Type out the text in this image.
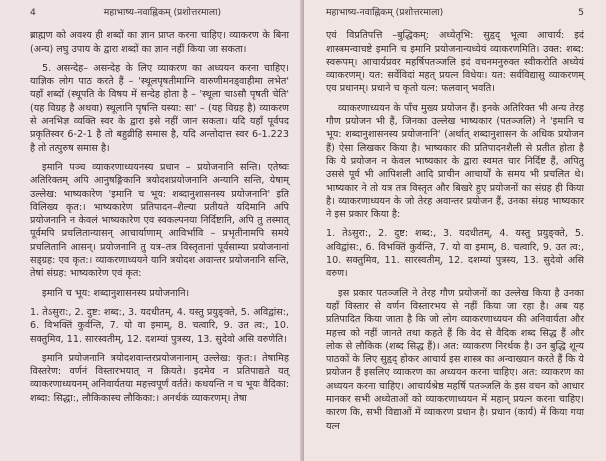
4	महाभाष्य-नवाह्निकम् (प्रशोत्तरमाला)

ब्राह्मण को अवश्य ही शब्दों का ज्ञान प्राप्त करना चाहिए। व्याकरण के बिना (अन्य) लघु उपाय के द्वारा शब्दों का ज्ञान नहीं किया जा सकता।

5. असन्देह– असन्देह के लिए व्याकरण का अध्ययन करना चाहिए। याज्ञिक लोग पाठ करते हैं – 'स्थूलपृषतीमाग्नि वारुणीमनड्वाहीमा लभेत' यहाँ शब्दों (स्थूपति के विषय में सन्देह होता है – 'स्थूला चाऽसौ पृषती चेति' (यह विग्रह है अथवा) स्थूलानि पृषन्ति यस्या: सा' – (यह विग्रह है) व्याकरण से अनभिज्ञ व्यक्ति स्वर के द्वारा इसे नहीं जान सकता। यदि यहाँ पूर्वपद प्रकृतिस्वर 6-2-1 है तो बहुव्रीहि समास है, यदि अन्तोदात्त स्वर 6-1.223 है तो तत्पुरुष समास है।

इमानि पञ्च व्याकरणाध्ययनस्य प्रधान – प्रयोजनानि सन्ति। एतेष्वः अतिरिक्तम् अपि आनुषङ्गिकानि त्रयोदशप्रयोजनानि अन्यानि सन्ति, येषाम् उल्लेख: भाष्यकारेण 'इमानि च भूय: शब्दानुशासनस्य प्रयोजनानि' इति विलिख्य कृत:। भाष्यकारेण प्रतिपादन–शैल्या प्रतीयते यदिमानि अपि प्रयोजनानि न केवलं भाष्यकारेण एव स्वकल्पनया निर्दिष्टानि, अपि तु तस्मात् पूर्वमपि प्रचलितान्यासन् आचार्याणाम् आविर्भावि – प्रभृतीनामपि समये प्रचलितानि आसन्। प्रयोजनानि तु यत्र–तत्र विस्तृतानां पूर्वसाम्या प्रयोजनानां सड्ग्रह: एव कृत:। व्याकरणाध्ययने यानि त्रयोदश अवान्तर प्रयोजनानि सन्ति, तेषां संग्रह: भाष्यकारेण एवं कृत:

इमानि च भूय: शब्दानुशासनस्य प्रयोजनानि।

1. तेऽसुरा:, 2. दुष्ट: शब्द:, 3. यदधीतम्, 4. यस्तु प्रयुङ्क्ते, 5. अविद्वांस:, 6. विभक्तिं कुर्वन्ति, 7. यो वा इमाम्, 8. चत्वारि, 9. उत त्व:, 10. सक्तुमिव, 11. सारस्वतीम्, 12. दशम्यां पुत्रस्य, 13. सुदेवो असि वरुणेति।

इमानि प्रयोजनानि त्रयोदशवान्तरप्रयोजनानाम् उल्लेख: कृत:। तेषामिह विस्तरेण: वर्णनं विस्तारभयात् न क्रियते। इदमेव न प्रतिपाद्यते यत् व्याकरणाध्ययनम् अनिवार्यतया महत्त्वपूर्णं वर्तते। कथयन्ति न च भूयः वैदिका: शब्दा: सिद्धा:, लौकिकास्च लौकिका:। अनर्थकं व्याकरणम्। तेषा

महाभाष्य-नवाह्निकम् (प्रशोत्तरमाला)	5

एवं विप्रतिपत्ति –बुद्धिकम्: अध्येतृभि: सुहृद् भूत्वा आचार्य: इदं शास्त्रमन्वाचष्टे इमानि च इमानि प्रयोजनान्यध्येयं व्याकरणमिति। उक्त: शब्द: स्वरूपम्। आचार्यप्रवर महर्षिपतञ्जलि इदं वचनमनुरुक्त स्वीकरोति अध्येयं व्याकरणम्। यत: सर्वेविदां महत् प्रयत्न विधेयः। यत: सर्वविद्यासु व्याकरणम् एव प्रधानम्। प्रधाने च कृतो यत्न: फलवान् भवति।

व्याकरणाध्ययन के पाँच मुख्य प्रयोजन हैं। इनके अतिरिक्त भी अन्य तेरह गौण प्रयोजन भी हैं, जिनका उल्लेख भाष्यकार (पतञ्जलि) ने 'इमानि च भूय: शब्दानुशासनस्य प्रयोजनानि' (अर्थात् शब्दानुशासन के अधिक प्रयोजन हैं) ऐसा लिखकर किया है। भाष्यकार की प्रतिपादनशैली से प्रतीत होता है कि ये प्रयोजन न केवल भाष्यकार के द्वारा स्वमत चार निर्दिष्ट हैं, अपितु उससे पूर्व भी आपिशली आदि प्राचीन आचार्यों के समय भी प्रचलित थे। भाष्यकार ने तो यत्र तत्र विस्तृत और बिखरे हुए प्रयोजनों का संग्रह ही किया है। व्याकरणाध्ययन के जो तेरह अवान्तर प्रयोजन हैं, उनका संग्रह भाष्यकार ने इस प्रकार किया है:

1. तेऽसुरा:, 2. दुष्ट: शब्द:, 3. यदधीतम्, 4. यस्तु प्रयुङ्क्ते, 5. अविद्वांस:, 6. विभक्तिं कुर्वन्ति, 7. यो वा इमाम्, 8. चत्वारि, 9. उत त्व:, 10. सक्तुमिव, 11. सारस्वतीम्, 12. दशम्यां पुत्रस्य, 13. सुदेवो असि वरुण।

इस प्रकार पतञ्जलि ने तेरह गौण प्रयोजनों का उल्लेख किया है उनका यहाँ विस्तार से वर्णन विस्तारभय से नहीं किया जा रहा है। अब यह प्रतिपादित किया जाता है कि जो लोग व्याकरणाध्ययन की अनिवार्यता और महत्त्व को नहीं जानते तथा कहते हैं कि वेद से वैदिक शब्द सिद्ध हैं और लोक से लौकिक (शब्द सिद्ध हैं)। अत: व्याकरण निरर्थक है। उन बुद्धि शून्य पाठकों के लिए सुहृद् होकर आचार्य इस शास्त्र का अन्वाख्यान करते हैं कि ये प्रयोजन हैं इसलिए व्याकरण का अध्ययन करना चाहिए। अत: व्याकरण का अध्ययन करना चाहिए। आचार्यश्रेष्ठ महर्षि पतञ्जलि के इस वचन को आधार मानकर सभी अध्येताओं को व्याकरणाध्ययन में महान् प्रयत्न करना चाहिए। कारण कि, सभी विद्याओं में व्याकरण प्रधान है। प्रधान (कार्य) में किया गया यत्न
